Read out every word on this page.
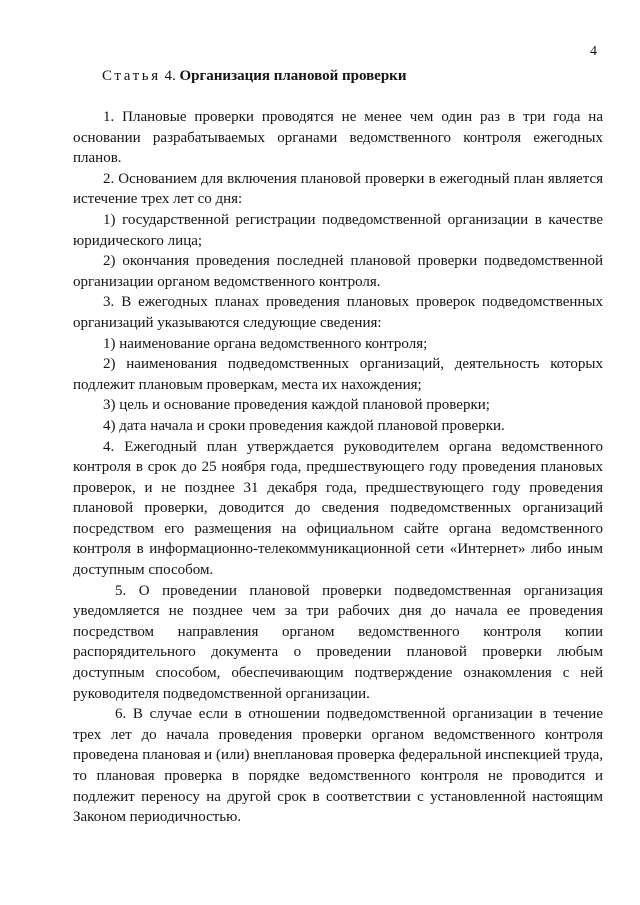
4
Статья 4. Организация плановой проверки

1. Плановые проверки проводятся не менее чем один раз в три года на основании разрабатываемых органами ведомственного контроля ежегодных планов.

2. Основанием для включения плановой проверки в ежегодный план является истечение трех лет со дня:

1) государственной регистрации подведомственной организации в качестве юридического лица;

2) окончания проведения последней плановой проверки подведомственной организации органом ведомственного контроля.

3. В ежегодных планах проведения плановых проверок подведомственных организаций указываются следующие сведения:

1) наименование органа ведомственного контроля;

2) наименования подведомственных организаций, деятельность которых подлежит плановым проверкам, места их нахождения;

3) цель и основание проведения каждой плановой проверки;

4) дата начала и сроки проведения каждой плановой проверки.

4. Ежегодный план утверждается руководителем органа ведомственного контроля в срок до 25 ноября года, предшествующего году проведения плановых проверок, и не позднее 31 декабря года, предшествующего году проведения плановой проверки, доводится до сведения подведомственных организаций посредством его размещения на официальном сайте органа ведомственного контроля в информационно-телекоммуникационной сети «Интернет» либо иным доступным способом.

5. О проведении плановой проверки подведомственная организация уведомляется не позднее чем за три рабочих дня до начала ее проведения посредством направления органом ведомственного контроля копии распорядительного документа о проведении плановой проверки любым доступным способом, обеспечивающим подтверждение ознакомления с ней руководителя подведомственной организации.

6. В случае если в отношении подведомственной организации в течение трех лет до начала проведения проверки органом ведомственного контроля проведена плановая и (или) внеплановая проверка федеральной инспекцией труда, то плановая проверка в порядке ведомственного контроля не проводится и подлежит переносу на другой срок в соответствии с установленной настоящим Законом периодичностью.
